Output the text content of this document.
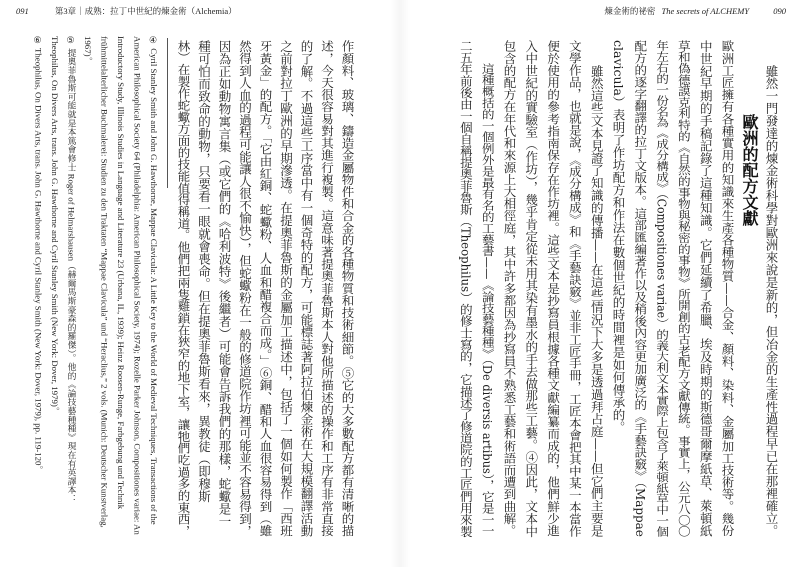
091	第3章｜成熟：拉丁中世紀的煉金術（Alchemia）	煉金術的祕密 The secrets of ALCHEMY	090
歐洲的配方文獻 雖然一門發達的煉金術科學對歐洲來說是新的，但冶金的生產性過程早已在那裡確立。
歐洲工匠擁有各種實用的知識來生產各種物質——合金、顏料、染料、金屬加工技術等。幾份
中世紀早期的手稿記錄了這種知識。它們延續了希臘、埃及時期的斯德哥爾摩紙草、萊頓紙
草和偽德謨克利特的《自然的事物與秘密的事物》所開創的古老配方文獻傳統。事實上，公元八〇〇
年左右的一份名為《成分構成》（Compositiones variae）的義大利文本實際上包含了萊頓紙草中一個
配方的逐字翻譯的拉丁文版本。這部匯編著作以及稍後內容更加廣泛的《手藝訣竅》（Mappae
clavicula）表明了作坊配方和作法在數個世紀的時間裡是如何傳承的。
雖然這些文本見證了知識的傳播——在這些情況下大多是透過拜占庭——但它們主要是
文學作品，也就是說，《成分構成》和《手藝訣竅》並非工匠手冊，工匠本會把其中某一本當作
便於使用的參考指南保存在作坊裡。這些文本是抄寫員根據各種文獻編纂而成的，他們鮮少進
入中世紀的實驗室（作坊），幾乎肯定從未用其染有墨水的手去做那些工藝。④因此，文本中
包含的配方在年代和來源上大相徑庭，其中許多都因為抄寫員不熟悉工藝和術語而遭到曲解。
這種概括的一個例外是最有名的工藝書——《論技藝種種》（De diversis artibus），它是一一
二五年前後由一個自稱提奧菲魯斯（Theophilus）的修士寫的，它描述了修道院的工匠們用來製
作顏料、玻璃、鑄造金屬物件和合金的各種物質和技術細節。⑤它的大多數配方都有清晰的描
述，今天很容易對其進行複製。這意味著提奧菲魯斯本人對他所描述的操作和工序有非常直接
的了解。不過這些工序當中有一個奇特的配方，可能標誌著阿拉伯煉金術在大規模翻譯活動
之前對拉丁歐洲的早期滲透。在提奧菲魯斯的金屬加工描述中，包括了一個如何製作「西班
牙黃金」的配方。「它由紅銅、蛇蠍粉、人血和醋複合而成。」⑥銅、醋和人血很容易得到（雖
然得到人血的過程可能讓人很不愉快），但蛇蠍粉在一般的修道院作坊裡可能並不容易得到，
因為正如動物寓言集（或它們的《哈利波特》後繼者）可能會告訴我們的那樣，蛇蠍是一
種可怕而致命的動物，只要看一眼就會喪命。但在提奧菲魯斯看來，異教徒（即穆斯
林）在製作蛇蠍方面的技能值得稱道。他們把兩隻雞鎖在狹窄的地下室，讓牠們吃過多的東西，

④ Cyril Stanley Smith and John G. Hawthorne, Mappae Clavicula: A Little Key to the World of Medieval Techniques, Transactions of the American Philosophical Society 64 (Philadelphia: American Philosophical Society, 1974); Rozelle Parker Johnson, Compositiones variae: An Introductory Study, Illinois Studies in Language and Literature 23 (Urbana, IL, 1939); Heinz Roosen-Runge, Farbgebung und Technik frühmittelalterlicher Buchmalerei: Studien zu den Traktaten “Mappae Clavicula” und “Heraclius,” 2 vols. (Munich: Deutscher Kunstverlag, 1967)。

⑤ 提奧菲魯斯可能就是本篤會修士 Roger of Helmarshausen（赫爾馬斯豪森的羅傑）。他的《論技藝種種》現在有英譯本：Theophilus, On Divers Arts, trans. John G. Hawthorne and Cyril Stanley Smith (New York: Dover, 1979)。

⑥ Theophilus, On Divers Arts, trans. John G. Hawthorne and Cyril Stanley Smith (New York: Dover, 1979), pp. 119-120。
